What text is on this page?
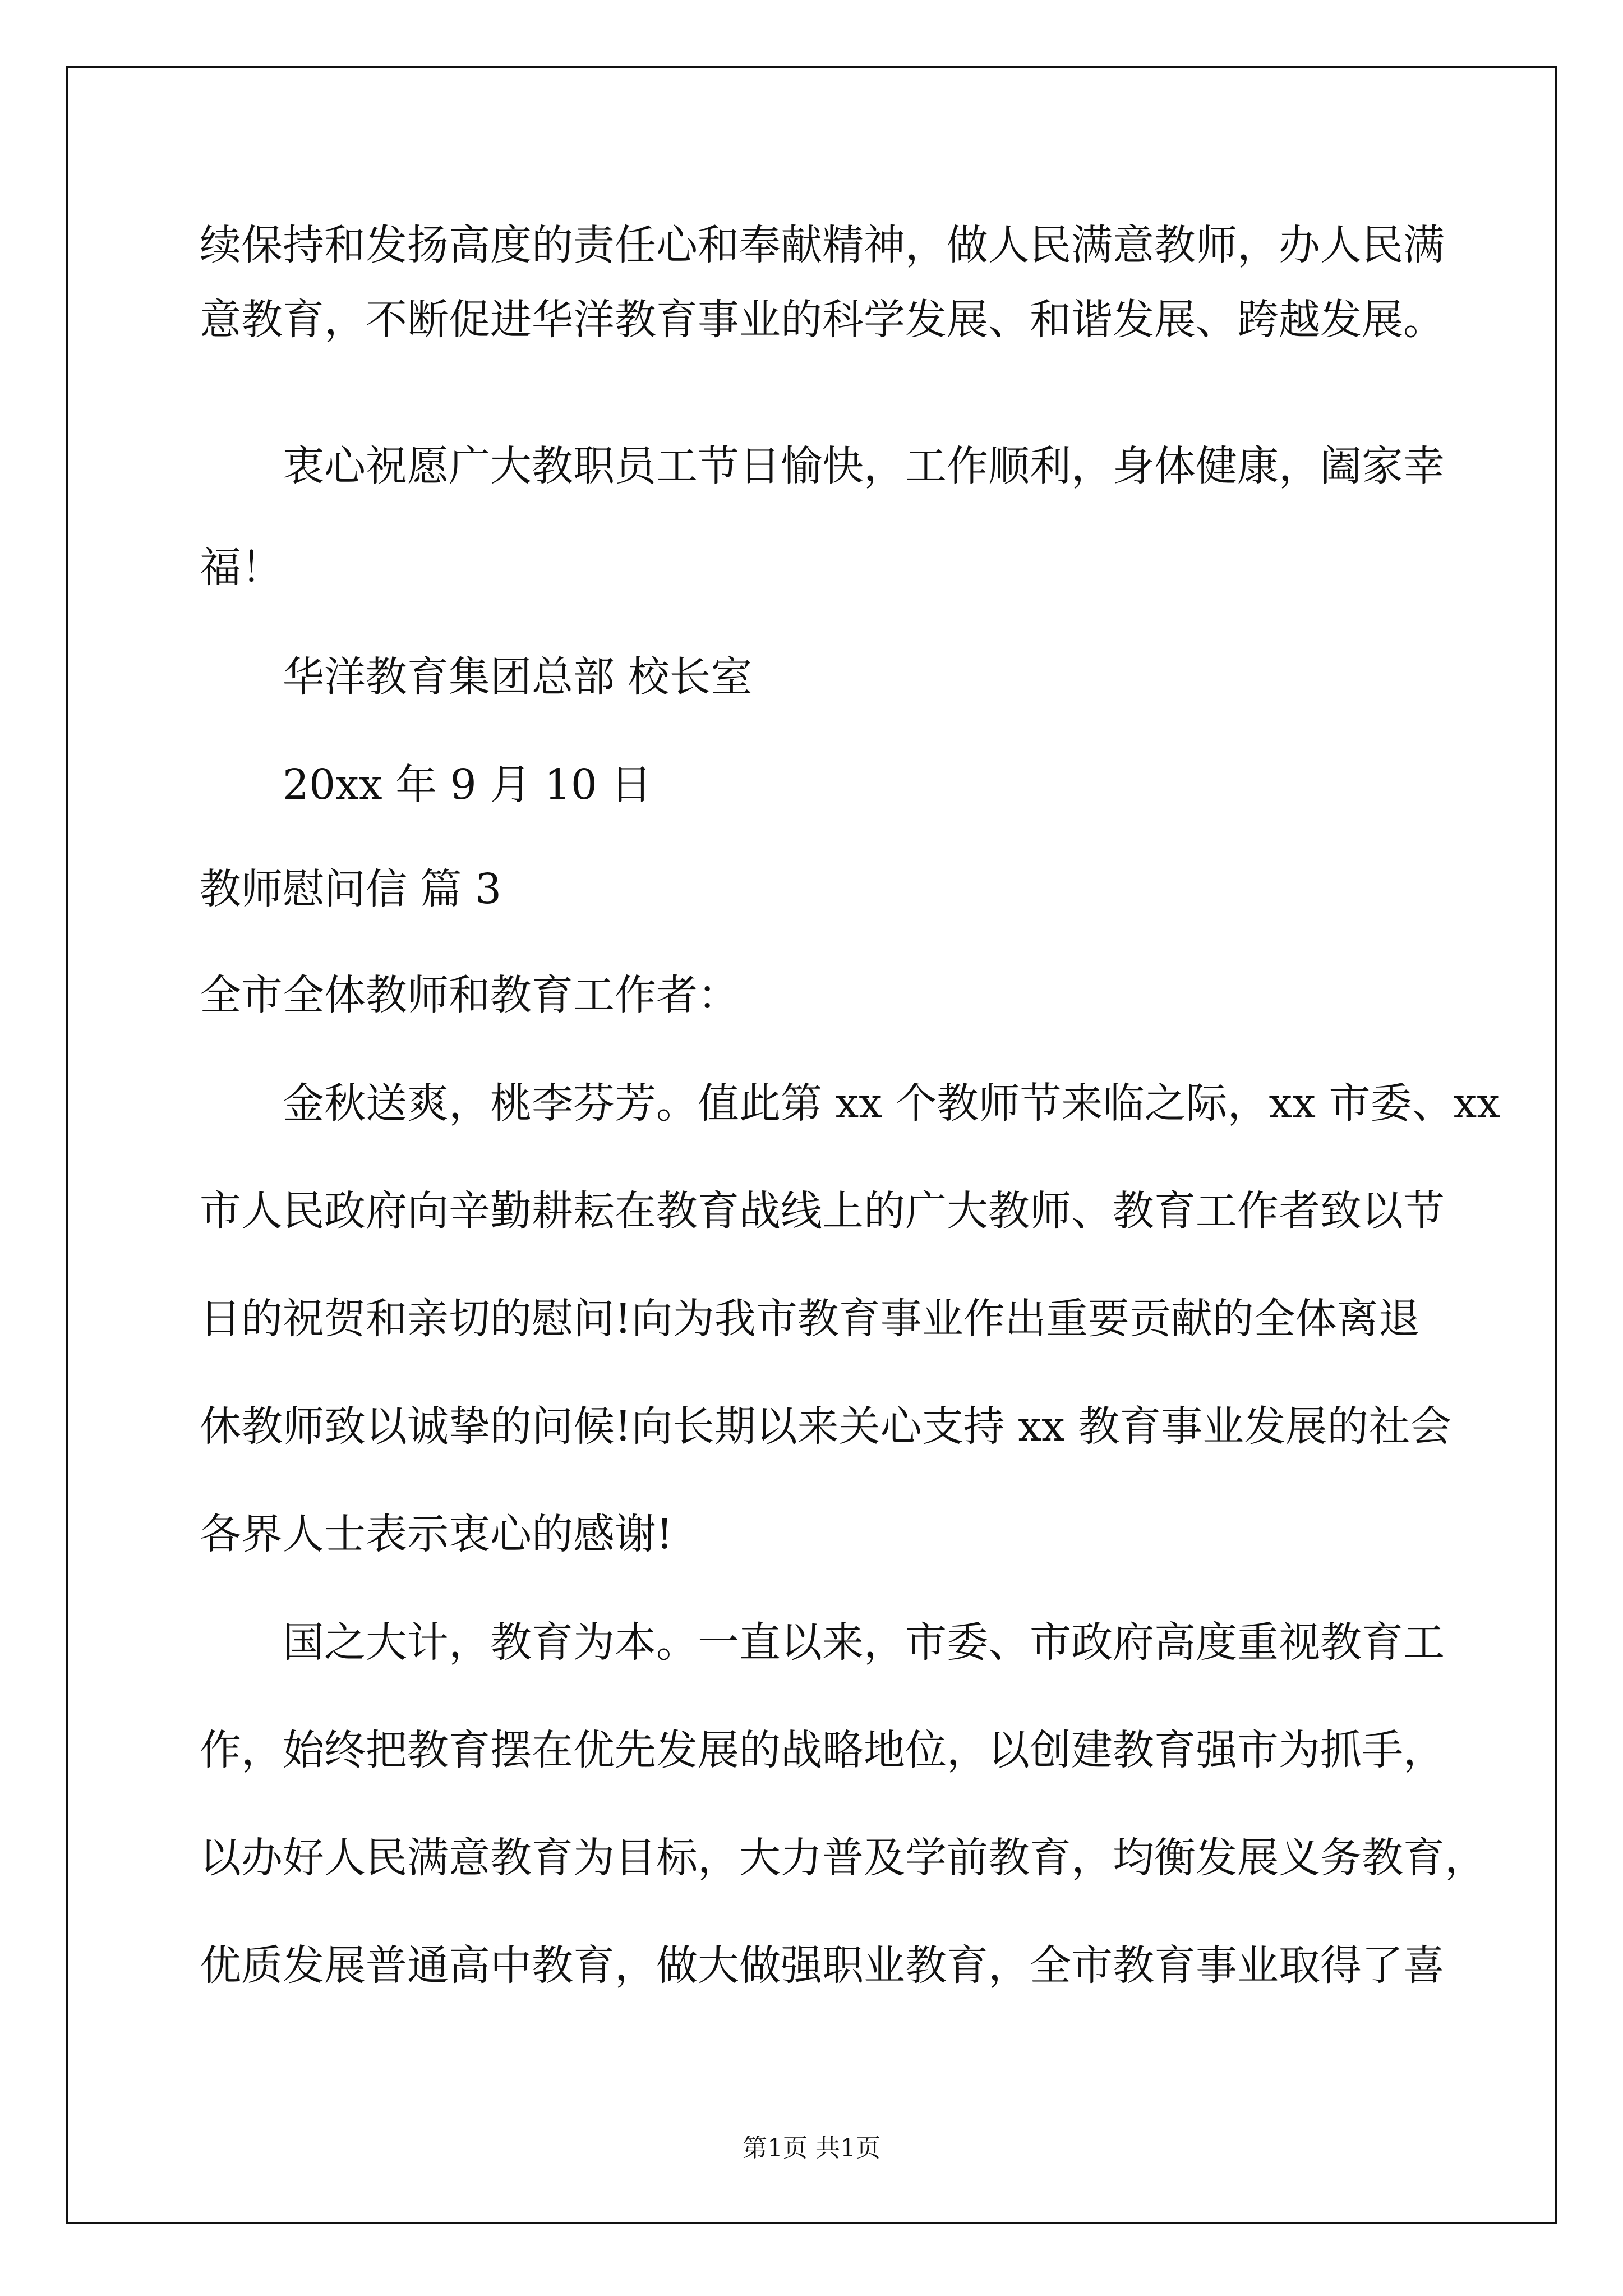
续保持和发扬高度的责任心和奉献精神，做人民满意教师，办人民满
意教育，不断促进华洋教育事业的科学发展、和谐发展、跨越发展。
衷心祝愿广大教职员工节日愉快，工作顺利，身体健康，阖家幸
福！
华洋教育集团总部 校长室
20xx 年 9 月 10 日
教师慰问信 篇 3
全市全体教师和教育工作者：
金秋送爽，桃李芬芳。值此第 xx 个教师节来临之际，xx 市委、xx
市人民政府向辛勤耕耘在教育战线上的广大教师、教育工作者致以节
日的祝贺和亲切的慰问!向为我市教育事业作出重要贡献的全体离退
休教师致以诚挚的问候!向长期以来关心支持 xx 教育事业发展的社会
各界人士表示衷心的感谢!
国之大计，教育为本。一直以来，市委、市政府高度重视教育工
作，始终把教育摆在优先发展的战略地位，以创建教育强市为抓手，
以办好人民满意教育为目标，大力普及学前教育，均衡发展义务教育，
优质发展普通高中教育，做大做强职业教育，全市教育事业取得了喜
第1页 共1页
